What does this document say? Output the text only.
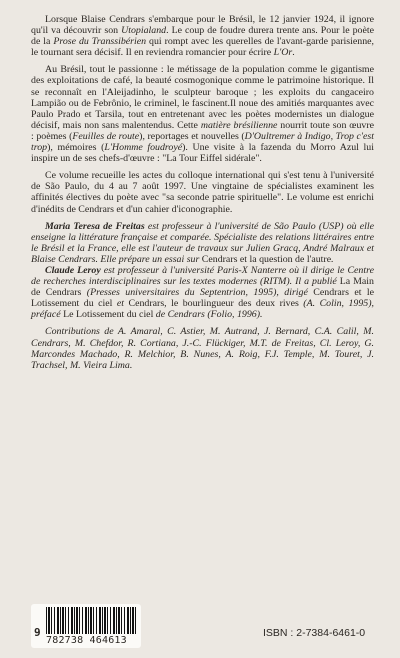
Lorsque Blaise Cendrars s'embarque pour le Brésil, le 12 janvier 1924, il ignore qu'il va découvrir son Utopialand. Le coup de foudre durera trente ans. Pour le poète de la Prose du Transsibérien qui rompt avec les querelles de l'avant-garde parisienne, le tournant sera décisif. Il en reviendra romancier pour écrire L'Or.

Au Brésil, tout le passionne : le métissage de la population comme le gigantisme des exploitations de café, la beauté cosmogonique comme le patrimoine historique. Il se reconnaît en l'Aleijadinho, le sculpteur baroque ; les exploits du cangaceiro Lampião ou de Febrônio, le criminel, le fascinent.Il noue des amitiés marquantes avec Paulo Prado et Tarsila, tout en entretenant avec les poètes modernistes un dialogue décisif, mais non sans malentendus. Cette matière brésilienne nourrit toute son œuvre : poèmes (Feuilles de route), reportages et nouvelles (D'Oultremer à Indigo, Trop c'est trop), mémoires (L'Homme foudroyé). Une visite à la fazenda du Morro Azul lui inspire un de ses chefs-d'œuvre : "La Tour Eiffel sidérale".

Ce volume recueille les actes du colloque international qui s'est tenu à l'université de São Paulo, du 4 au 7 août 1997. Une vingtaine de spécialistes examinent les affinités électives du poète avec "sa seconde patrie spirituelle". Le volume est enrichi d'inédits de Cendrars et d'un cahier d'iconographie.

Maria Teresa de Freitas est professeur à l'université de São Paulo (USP) où elle enseigne la littérature française et comparée. Spécialiste des relations littéraires entre le Brésil et la France, elle est l'auteur de travaux sur Julien Gracq, André Malraux et Blaise Cendrars. Elle prépare un essai sur Cendrars et la question de l'autre.

Claude Leroy est professeur à l'université Paris-X Nanterre où il dirige le Centre de recherches interdisciplinaires sur les textes modernes (RITM). Il a publié La Main de Cendrars (Presses universitaires du Septentrion, 1995), dirigé Cendrars et le Lotissement du ciel et Cendrars, le bourlingueur des deux rives (A. Colin, 1995), préfacé Le Lotissement du ciel de Cendrars (Folio, 1996).

Contributions de A. Amaral, C. Astier, M. Autrand, J. Bernard, C.A. Calil, M. Cendrars, M. Chefdor, R. Cortiana, J.-C. Flückiger, M.T. de Freitas, Cl. Leroy, G. Marcondes Machado, R. Melchior, B. Nunes, A. Roig, F.J. Temple, M. Touret, J. Trachsel, M. Vieira Lima.

9
782738 464613
ISBN : 2-7384-6461-0
